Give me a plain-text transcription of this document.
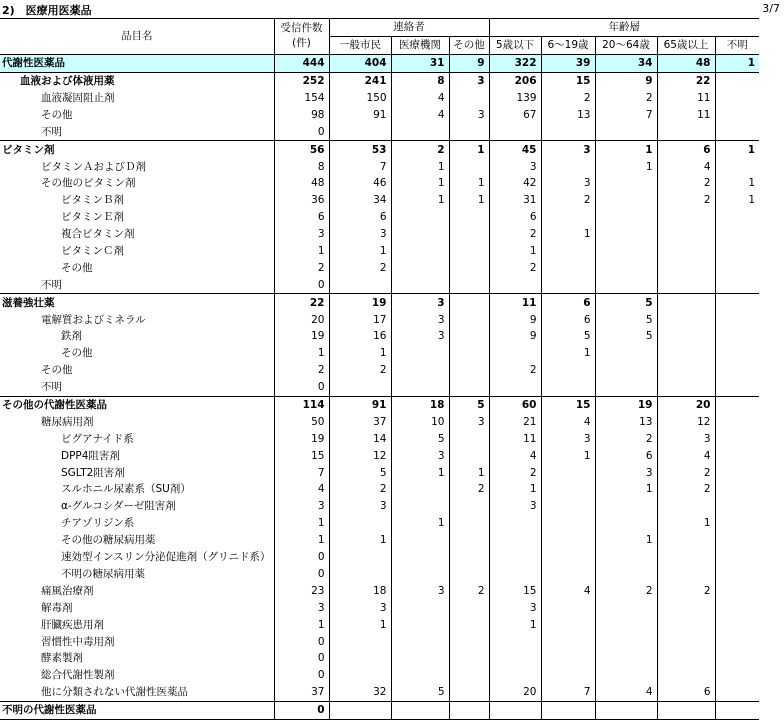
2)　医療用医薬品	3/7
品目名	受信件数
(件)	連絡者			年齢層				
		一般市民	医療機関	その他	5歳以下	6～19歳	20～64歳	65歳以上	不明
代謝性医薬品	444	404	31	9	322	39	34	48	1
血液および体液用薬	252	241	8	3	206	15	9	22	
血液凝固阻止剤	154	150	4		139	2	2	11	
その他	98	91	4	3	67	13	7	11	
不明	0								
ビタミン剤	56	53	2	1	45	3	1	6	1
ビタミンＡおよびＤ剤	8	7	1		3		1	4	
その他のビタミン剤	48	46	1	1	42	3		2	1
ビタミンＢ剤	36	34	1	1	31	2		2	1
ビタミンＥ剤	6	6			6				
複合ビタミン剤	3	3			2	1			
ビタミンＣ剤	1	1			1				
その他	2	2			2				
不明	0								
滋養強壮薬	22	19	3		11	6	5		
電解質およびミネラル	20	17	3		9	6	5		
鉄剤	19	16	3		9	5	5		
その他	1	1				1			
その他	2	2			2				
不明	0								
その他の代謝性医薬品	114	91	18	5	60	15	19	20	
糖尿病用剤	50	37	10	3	21	4	13	12	
ビグアナイド系	19	14	5		11	3	2	3	
DPP4阻害剤	15	12	3		4	1	6	4	
SGLT2阻害剤	7	5	1	1	2		3	2	
スルホニル尿素系（SU剤）	4	2		2	1		1	2	
α-グルコシダーゼ阻害剤	3	3			3				
チアゾリジン系	1		1					1	
その他の糖尿病用薬	1	1					1		
速効型インスリン分泌促進剤（グリニド系）	0								
不明の糖尿病用薬	0								
痛風治療剤	23	18	3	2	15	4	2	2	
解毒剤	3	3			3				
肝臓疾患用剤	1	1			1				
習慣性中毒用剤	0								
酵素製剤	0								
総合代謝性製剤	0								
他に分類されない代謝性医薬品	37	32	5		20	7	4	6	
不明の代謝性医薬品	0								
